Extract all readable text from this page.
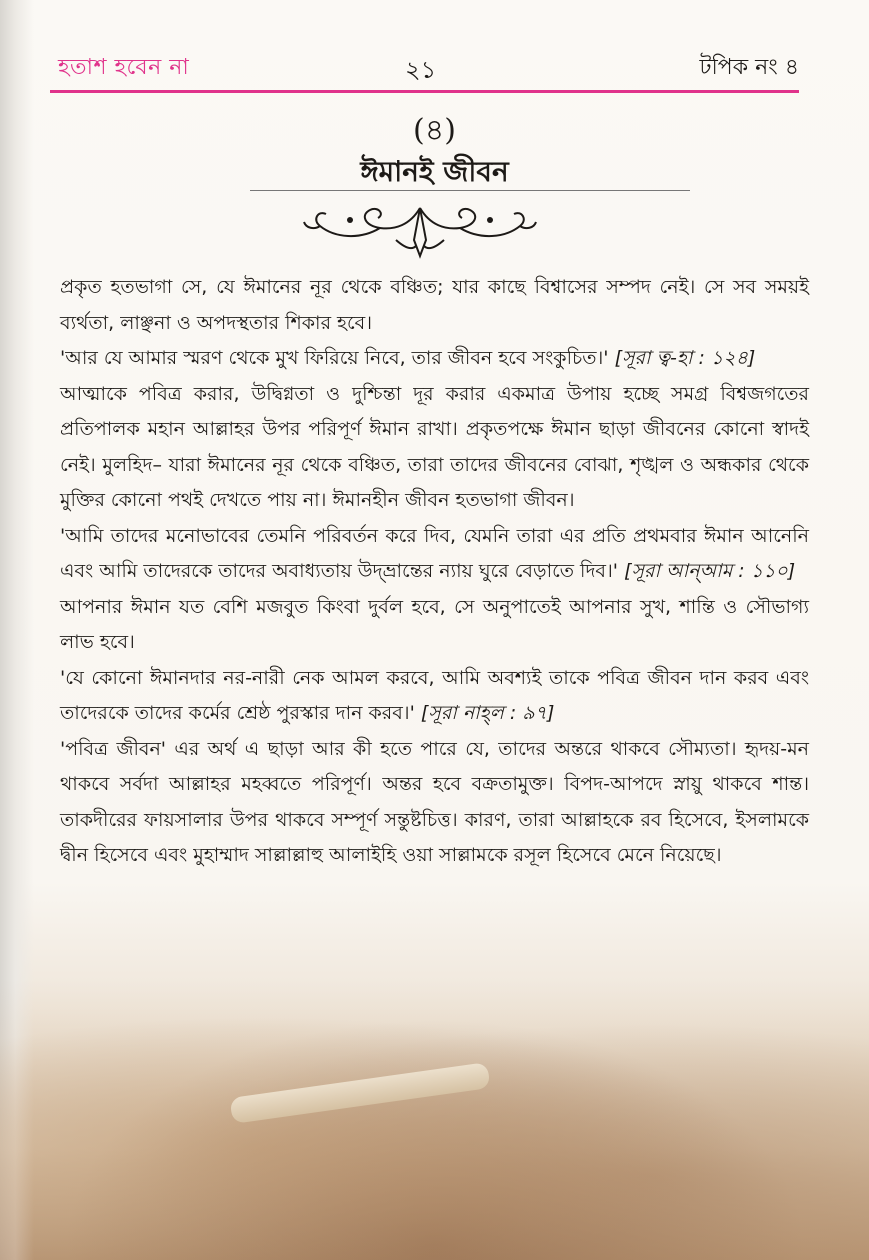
হতাশ হবেন না	২১	টপিক নং ৪
(৪)
ঈমানই জীবন

প্রকৃত হতভাগা সে, যে ঈমানের নূর থেকে বঞ্চিত; যার কাছে বিশ্বাসের সম্পদ নেই। সে সব সময়ই ব্যর্থতা, লাঞ্ছনা ও অপদস্থতার শিকার হবে।

'আর যে আমার স্মরণ থেকে মুখ ফিরিয়ে নিবে, তার জীবন হবে সংকুচিত।' [সূরা ত্ব-হা : ১২৪]

আত্মাকে পবিত্র করার, উদ্বিগ্নতা ও দুশ্চিন্তা দূর করার একমাত্র উপায় হচ্ছে সমগ্র বিশ্বজগতের প্রতিপালক মহান আল্লাহর উপর পরিপূর্ণ ঈমান রাখা। প্রকৃতপক্ষে ঈমান ছাড়া জীবনের কোনো স্বাদই নেই। মুলহিদ– যারা ঈমানের নূর থেকে বঞ্চিত, তারা তাদের জীবনের বোঝা, শৃঙ্খল ও অন্ধকার থেকে মুক্তির কোনো পথই দেখতে পায় না। ঈমানহীন জীবন হতভাগা জীবন।

'আমি তাদের মনোভাবের তেমনি পরিবর্তন করে দিব, যেমনি তারা এর প্রতি প্রথমবার ঈমান আনেনি এবং আমি তাদেরকে তাদের অবাধ্যতায় উদ্‌ভ্রান্তের ন্যায় ঘুরে বেড়াতে দিব।' [সূরা আন্‌আম : ১১০]

আপনার ঈমান যত বেশি মজবুত কিংবা দুর্বল হবে, সে অনুপাতেই আপনার সুখ, শান্তি ও সৌভাগ্য লাভ হবে।

'যে কোনো ঈমানদার নর-নারী নেক আমল করবে, আমি অবশ্যই তাকে পবিত্র জীবন দান করব এবং তাদেরকে তাদের কর্মের শ্রেষ্ঠ পুরস্কার দান করব।' [সূরা নাহ্‌ল : ৯৭]

'পবিত্র জীবন' এর অর্থ এ ছাড়া আর কী হতে পারে যে, তাদের অন্তরে থাকবে সৌম্যতা। হৃদয়-মন থাকবে সর্বদা আল্লাহর মহব্বতে পরিপূর্ণ। অন্তর হবে বক্রতামুক্ত। বিপদ-আপদে স্নায়ু থাকবে শান্ত। তাকদীরের ফায়সালার উপর থাকবে সম্পূর্ণ সন্তুষ্টচিত্ত। কারণ, তারা আল্লাহকে রব হিসেবে, ইসলামকে দ্বীন হিসেবে এবং মুহাম্মাদ সাল্লাল্লাহু আলাইহি ওয়া সাল্লামকে রসূল হিসেবে মেনে নিয়েছে।
